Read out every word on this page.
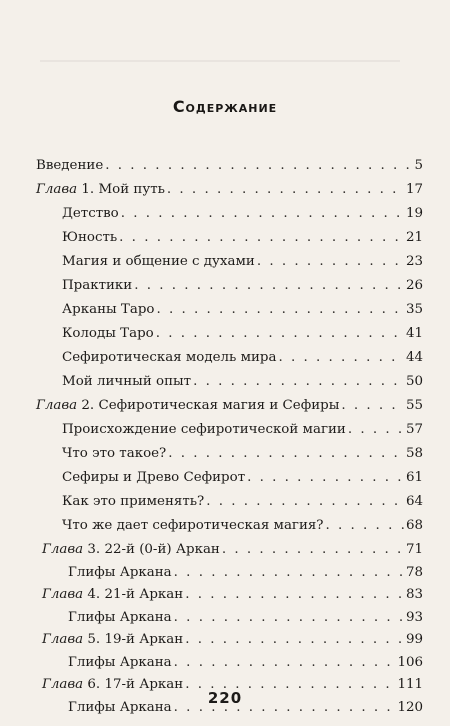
Содержание
Введение . . .	5
Глава 1. Мой путь . . .	17
Детство . . .	19
Юность . . .	21
Магия и общение с духами . . .	23
Практики . . .	26
Арканы Таро . . .	35
Колоды Таро . . .	41
Сефиротическая модель мира . . .	44
Мой личный опыт . . .	50
Глава 2. Сефиротическая магия и Сефиры . . .	55
Происхождение сефиротической магии . . .	57
Что это такое? . . .	58
Сефиры и Древо Сефирот . . .	61
Как это применять? . . .	64
Что же дает сефиротическая магия? . . .	68
Глава 3. 22-й (0-й) Аркан . . .	71
Глифы Аркана . . .	78
Глава 4. 21-й Аркан . . .	83
Глифы Аркана . . .	93
Глава 5. 19-й Аркан . . .	99
Глифы Аркана . . .	106
Глава 6. 17-й Аркан . . .	111
Глифы Аркана . . .	120
220
